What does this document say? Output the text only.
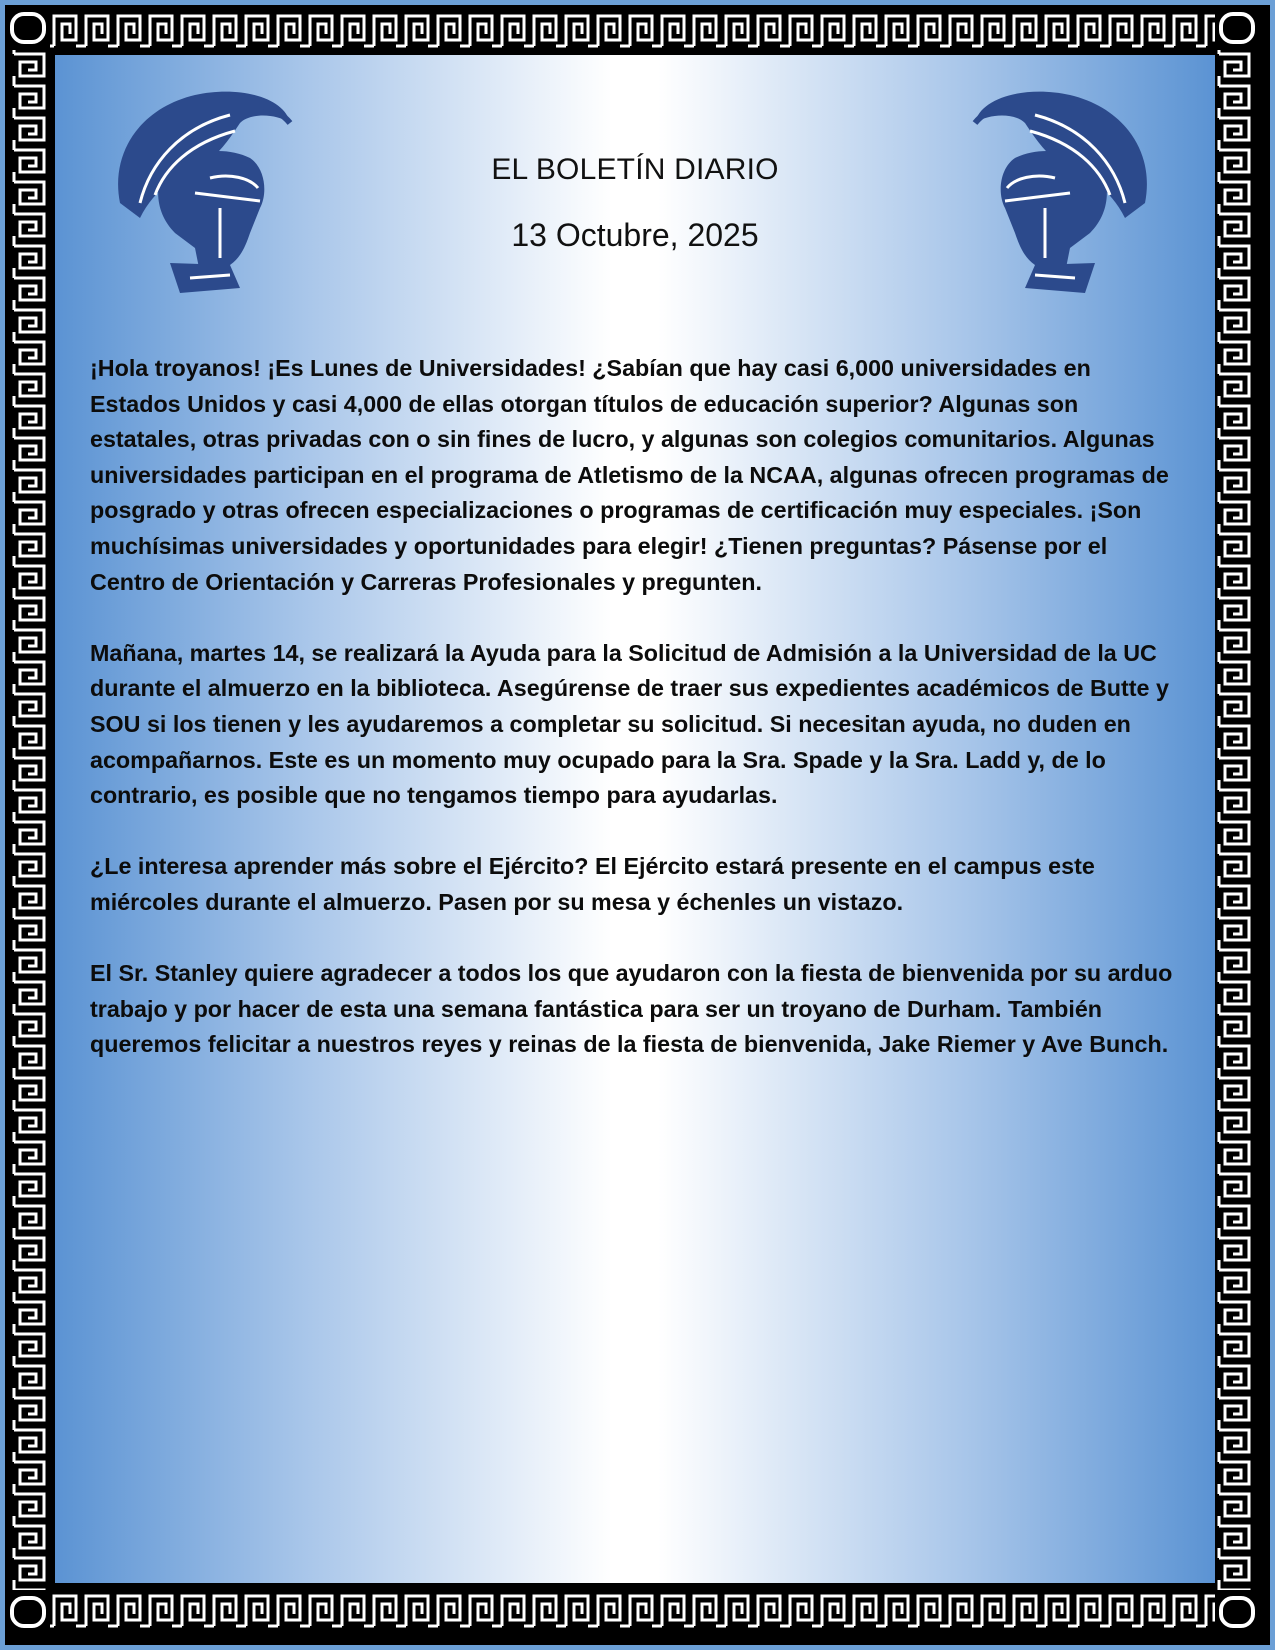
EL BOLETÍN DIARIO
13 Octubre, 2025

¡Hola troyanos! ¡Es Lunes de Universidades! ¿Sabían que hay casi 6,000 universidades en Estados Unidos y casi 4,000 de ellas otorgan títulos de educación superior? Algunas son estatales, otras privadas con o sin fines de lucro, y algunas son colegios comunitarios. Algunas universidades participan en el programa de Atletismo de la NCAA, algunas ofrecen programas de posgrado y otras ofrecen especializaciones o programas de certificación muy especiales. ¡Son muchísimas universidades y oportunidades para elegir! ¿Tienen preguntas? Pásense por el Centro de Orientación y Carreras Profesionales y pregunten.

Mañana, martes 14, se realizará la Ayuda para la Solicitud de Admisión a la Universidad de la UC durante el almuerzo en la biblioteca. Asegúrense de traer sus expedientes académicos de Butte y SOU si los tienen y les ayudaremos a completar su solicitud. Si necesitan ayuda, no duden en acompañarnos. Este es un momento muy ocupado para la Sra. Spade y la Sra. Ladd y, de lo contrario, es posible que no tengamos tiempo para ayudarlas.

¿Le interesa aprender más sobre el Ejército? El Ejército estará presente en el campus este miércoles durante el almuerzo. Pasen por su mesa y échenles un vistazo.

El Sr. Stanley quiere agradecer a todos los que ayudaron con la fiesta de bienvenida por su arduo trabajo y por hacer de esta una semana fantástica para ser un troyano de Durham. También queremos felicitar a nuestros reyes y reinas de la fiesta de bienvenida, Jake Riemer y Ave Bunch.
